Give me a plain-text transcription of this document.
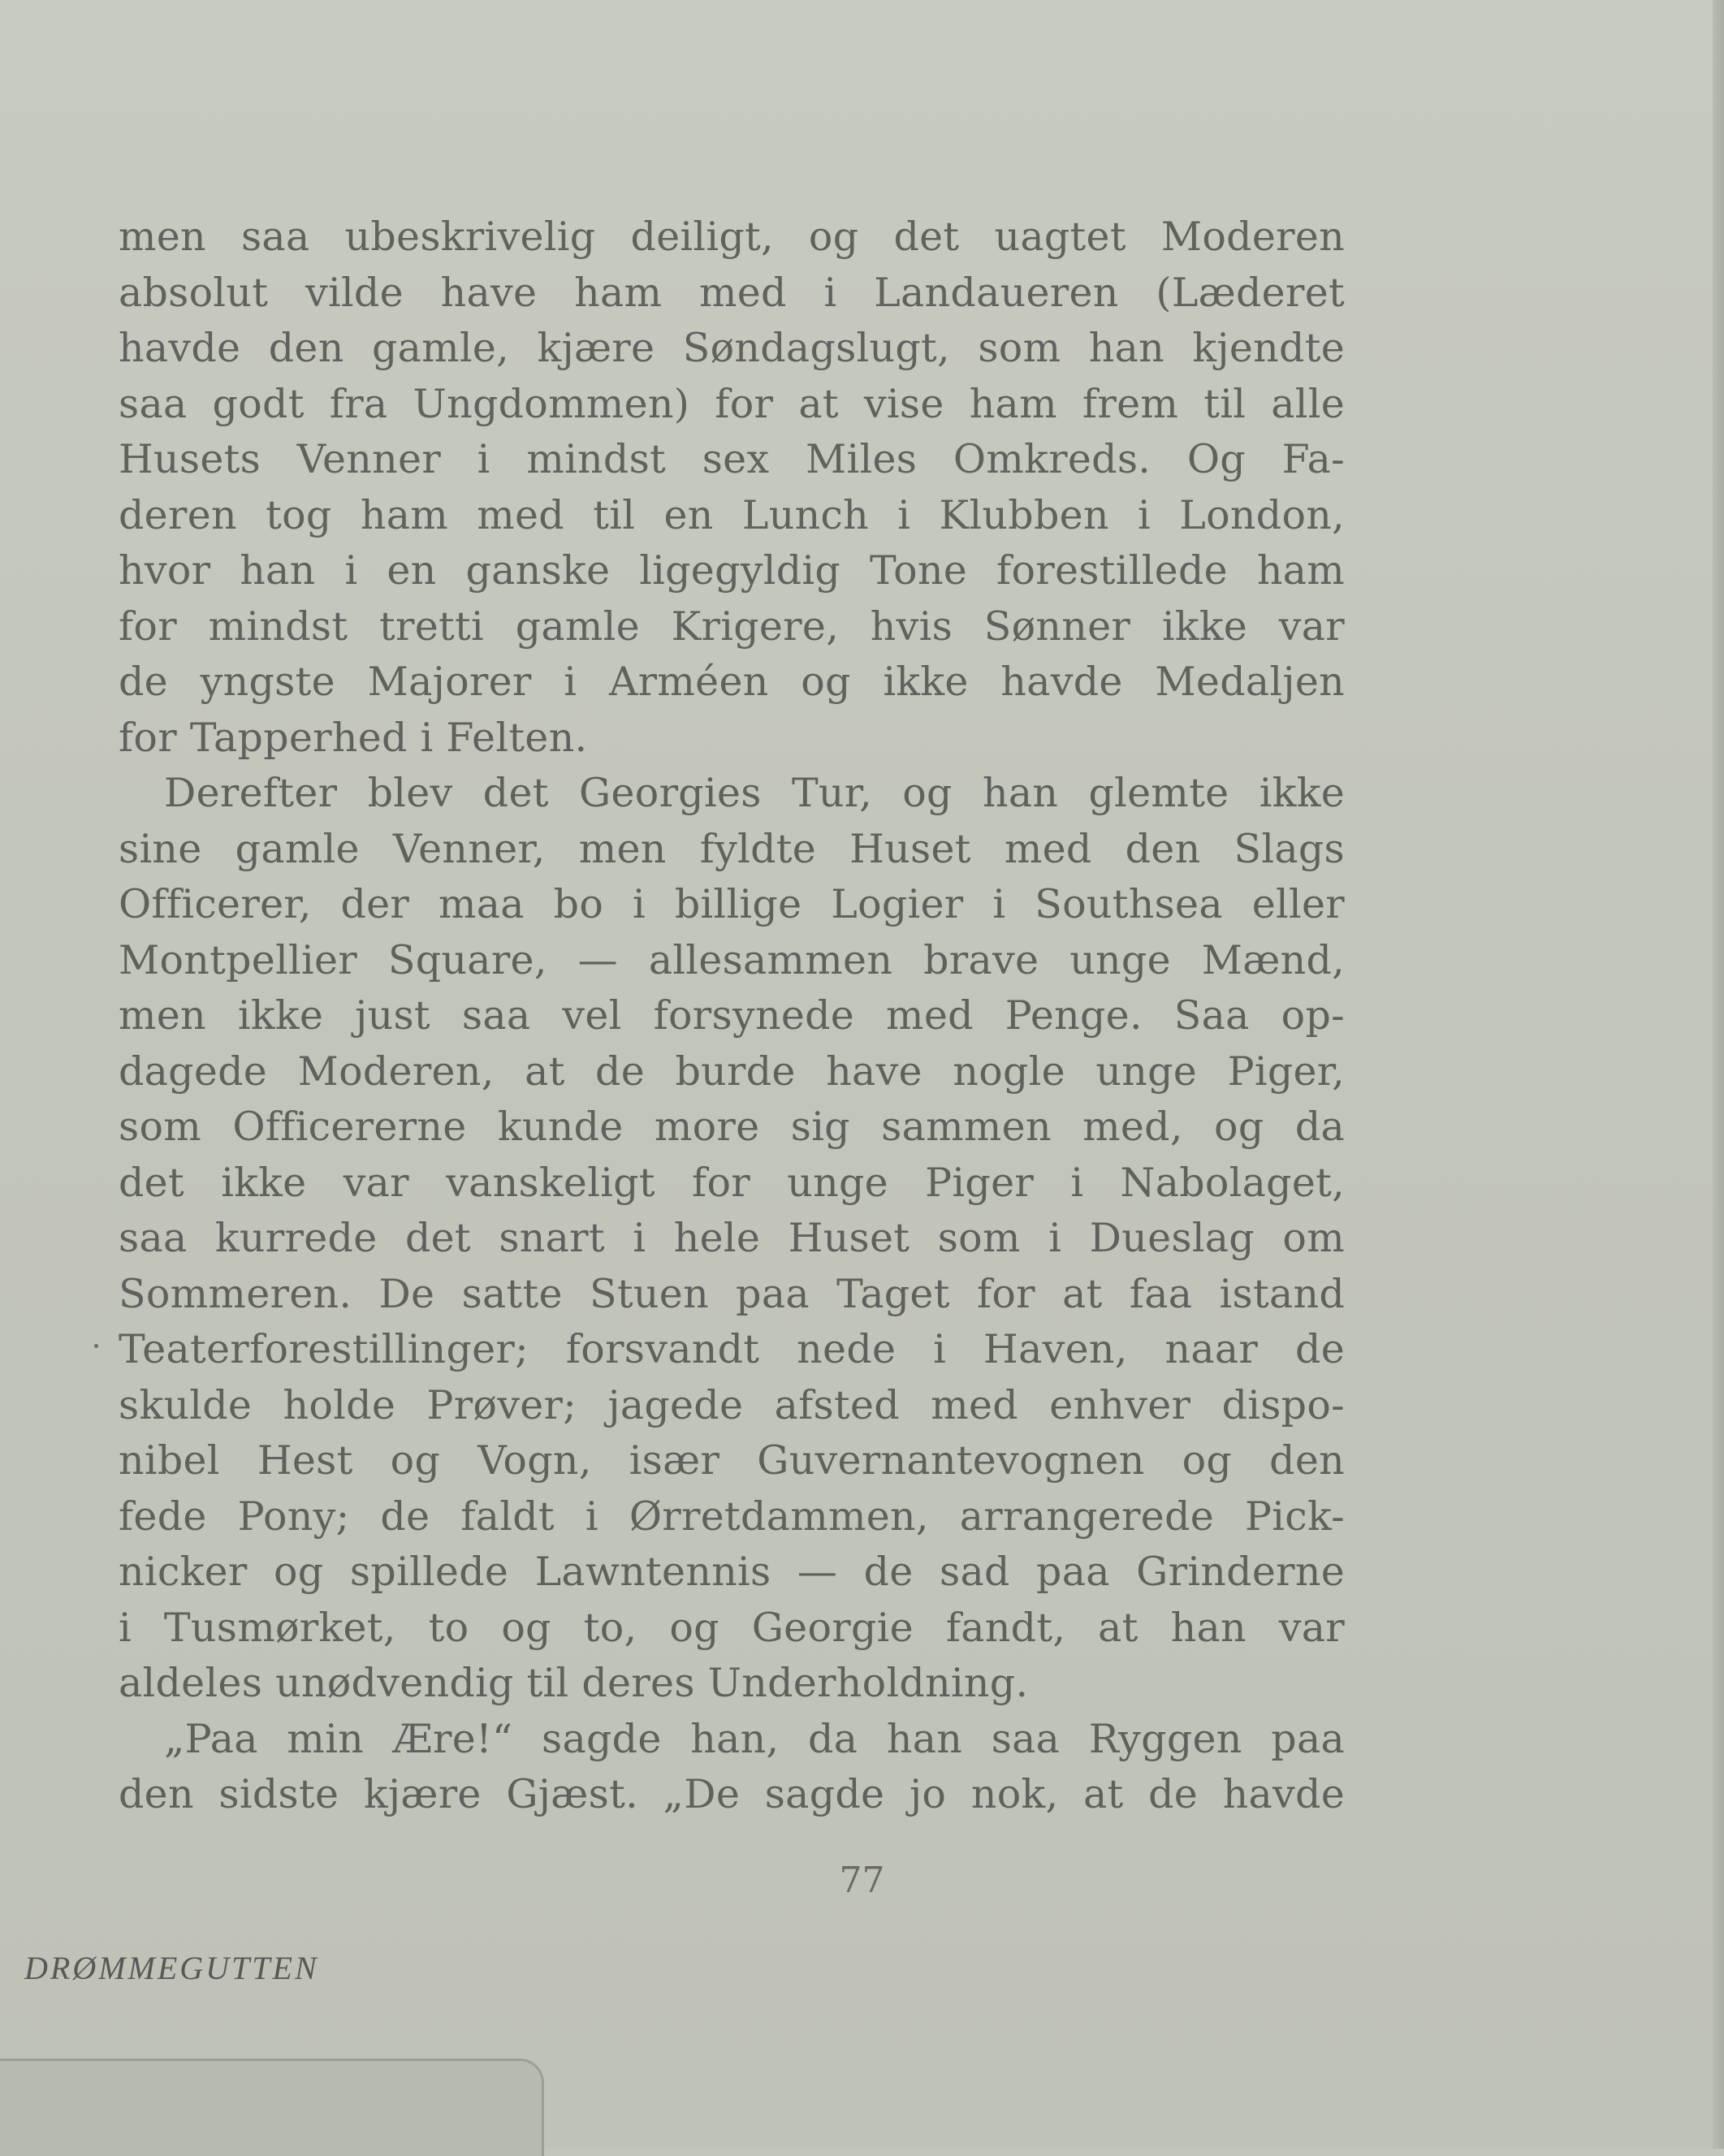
men saa ubeskrivelig deiligt, og det uagtet Moderen
absolut vilde have ham med i Landaueren (Læderet
havde den gamle, kjære Søndagslugt, som han kjendte
saa godt fra Ungdommen) for at vise ham frem til alle
Husets Venner i mindst sex Miles Omkreds. Og Fa-
deren tog ham med til en Lunch i Klubben i London,
hvor han i en ganske ligegyldig Tone forestillede ham
for mindst tretti gamle Krigere, hvis Sønner ikke var
de yngste Majorer i Arméen og ikke havde Medaljen
for Tapperhed i Felten.
Derefter blev det Georgies Tur, og han glemte ikke
sine gamle Venner, men fyldte Huset med den Slags
Officerer, der maa bo i billige Logier i Southsea eller
Montpellier Square, — allesammen brave unge Mænd,
men ikke just saa vel forsynede med Penge. Saa op-
dagede Moderen, at de burde have nogle unge Piger,
som Officererne kunde more sig sammen med, og da
det ikke var vanskeligt for unge Piger i Nabolaget,
saa kurrede det snart i hele Huset som i Dueslag om
Sommeren. De satte Stuen paa Taget for at faa istand
Teaterforestillinger; forsvandt nede i Haven, naar de
skulde holde Prøver; jagede afsted med enhver dispo-
nibel Hest og Vogn, især Guvernantevognen og den
fede Pony; de faldt i Ørretdammen, arrangerede Pick-
nicker og spillede Lawntennis — de sad paa Grinderne
i Tusmørket, to og to, og Georgie fandt, at han var
aldeles unødvendig til deres Underholdning.
„Paa min Ære!“ sagde han, da han saa Ryggen paa
den sidste kjære Gjæst. „De sagde jo nok, at de havde
77
DRØMMEGUTTEN
